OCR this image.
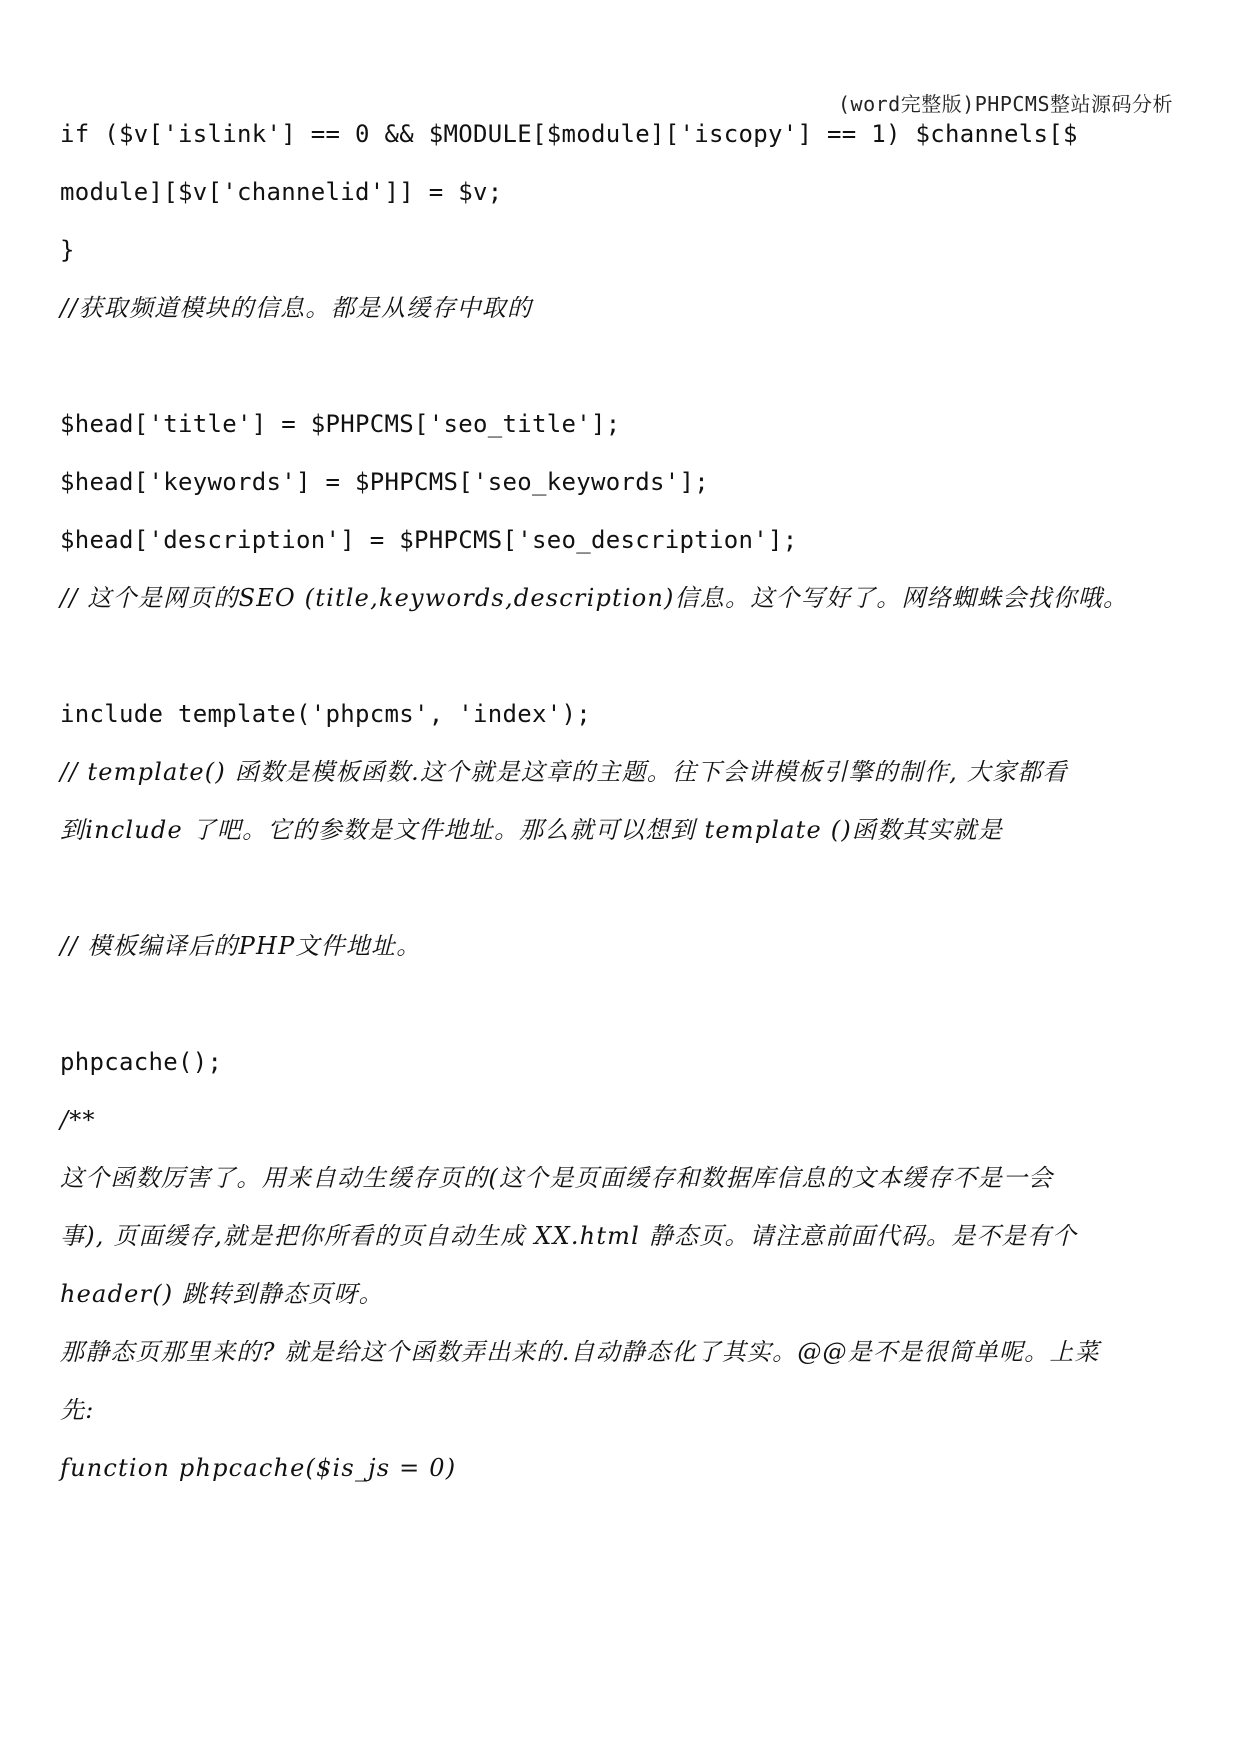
(word完整版)PHPCMS整站源码分析
if ($v['islink'] == 0 && $MODULE[$module]['iscopy'] == 1) $channels[$
module][$v['channelid']] = $v;
}
//获取频道模块的信息。都是从缓存中取的
$head['title'] = $PHPCMS['seo_title'];
$head['keywords'] = $PHPCMS['seo_keywords'];
$head['description'] = $PHPCMS['seo_description'];
// 这个是网页的SEO (title,keywords,description)信息。这个写好了。网络蜘蛛会找你哦。
include template('phpcms', 'index');
// template() 函数是模板函数.这个就是这章的主题。往下会讲模板引擎的制作, 大家都看
到include 了吧。它的参数是文件地址。那么就可以想到 template ()函数其实就是
// 模板编译后的PHP文件地址。
phpcache();
/**
这个函数厉害了。用来自动生缓存页的(这个是页面缓存和数据库信息的文本缓存不是一会
事), 页面缓存,就是把你所看的页自动生成 XX.html 静态页。请注意前面代码。是不是有个
header() 跳转到静态页呀。
那静态页那里来的? 就是给这个函数弄出来的.自动静态化了其实。@@是不是很简单呢。上菜
先:
function phpcache($is_js = 0)
